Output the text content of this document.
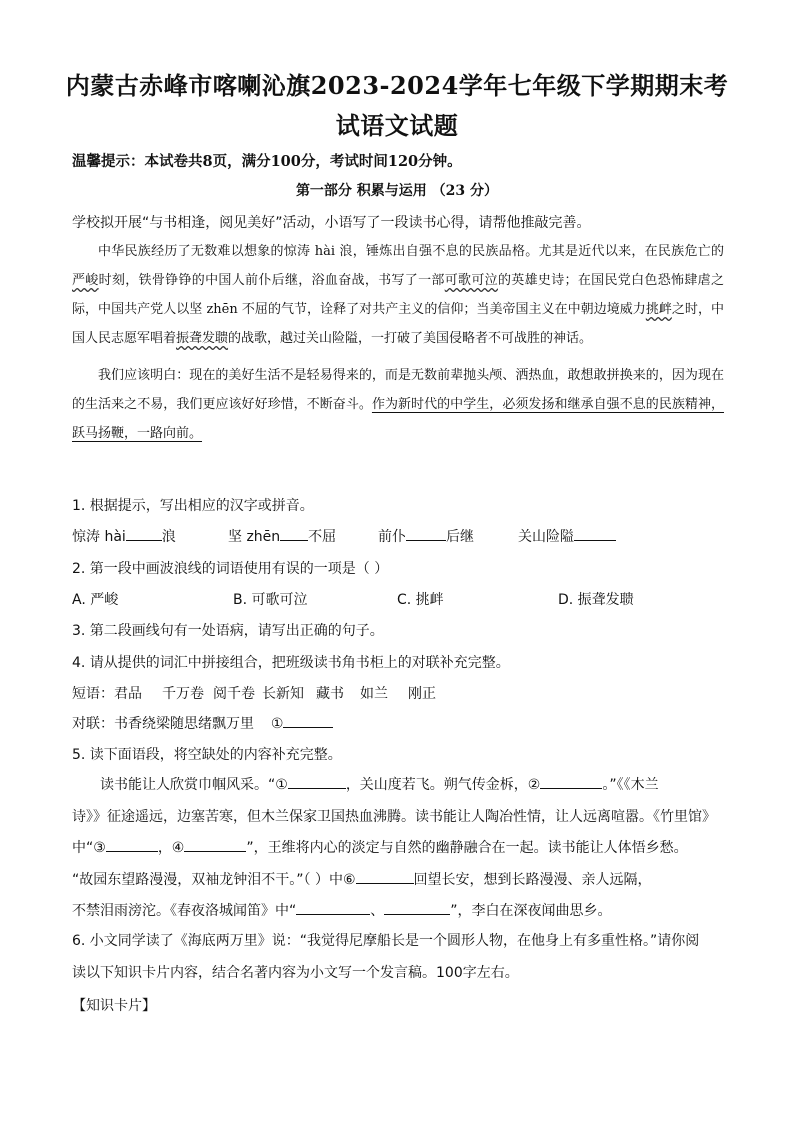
内蒙古赤峰市喀喇沁旗2023-2024学年七年级下学期期末考试语文试题
温馨提示：本试卷共8页，满分100分，考试时间120分钟。
第一部分 积累与运用 （23 分）
学校拟开展“与书相逢，阅见美好”活动，小语写了一段读书心得，请帮他推敲完善。

中华民族经历了无数难以想象的惊涛 hài 浪，锤炼出自强不息的民族品格。尤其是近代以来，在民族危亡的严峻时刻，铁骨铮铮的中国人前仆后继，浴血奋战，书写了一部可歌可泣的英雄史诗；在国民党白色恐怖肆虐之际，中国共产党人以坚 zhēn 不屈的气节，诠释了对共产主义的信仰；当美帝国主义在中朝边境威力挑衅之时，中国人民志愿军唱着振聋发聩的战歌，越过关山险隘，一打破了美国侵略者不可战胜的神话。

我们应该明白：现在的美好生活不是轻易得来的，而是无数前辈抛头颅、洒热血，敢想敢拼换来的，因为现在的生活来之不易，我们更应该好好珍惜，不断奋斗。作为新时代的中学生，必须发扬和继承自强不息的民族精神，跃马扬鞭，一路向前。

1. 根据提示，写出相应的汉字或拼音。
惊涛 hài	浪	坚 zhēn 不屈	前仆	后继	关山险隘
2. 第一段中画波浪线的词语使用有误的一项是（ ）
A. 严峻	B. 可歌可泣	C. 挑衅	D. 振聋发聩
3. 第二段画线句有一处语病，请写出正确的句子。
4. 请从提供的词汇中拼接组合，把班级读书角书柜上的对联补充完整。
短语： 君品 千万卷 阅千卷 长新知 藏书 如兰 刚正
对联：书香绕梁随思绪飘万里 ①
5. 读下面语段，将空缺处的内容补充完整。

读书能让人欣赏巾帼风采。“①	，关山度若飞。朔气传金柝，②	。”《《木兰

诗》》征途遥远，边塞苦寒，但木兰保家卫国热血沸腾。读书能让人陶冶性情，让人远离喧嚣。《竹里馆》

中“③	，④	”，王维将内心的淡定与自然的幽静融合在一起。读书能让人体悟乡愁。

“故园东望路漫漫，双袖龙钟泪不干。”（ ）中⑥	回望长安，想到长路漫漫、亲人远隔，

不禁泪雨滂沱。《春夜洛城闻笛》中“	、	”，李白在深夜闻曲思乡。

6. 小文同学读了《海底两万里》说：“我觉得尼摩船长是一个圆形人物，在他身上有多重性格。”请你阅

读以下知识卡片内容，结合名著内容为小文写一个发言稿。100字左右。

【知识卡片】
